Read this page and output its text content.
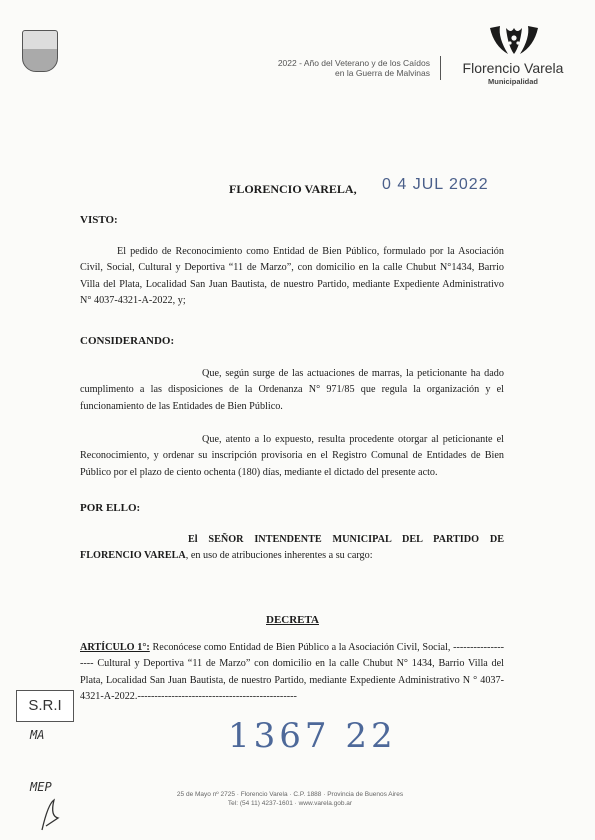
2022 - Año del Veterano y de los Caídos
en la Guerra de Malvinas	Florencio Varela
Municipalidad
FLORENCIO VARELA, 0 4 JUL 2022
VISTO:
El pedido de Reconocimiento como Entidad de Bien Público, formulado por la Asociación Civil, Social, Cultural y Deportiva “11 de Marzo”, con domicilio en la calle Chubut N°1434, Barrio Villa del Plata, Localidad San Juan Bautista, de nuestro Partido, mediante Expediente Administrativo N° 4037-4321-A-2022, y;
CONSIDERANDO:
Que, según surge de las actuaciones de marras, la peticionante ha dado cumplimento a las disposiciones de la Ordenanza N° 971/85 que regula la organización y el funcionamiento de las Entidades de Bien Público.
Que, atento a lo expuesto, resulta procedente otorgar al peticionante el Reconocimiento, y ordenar su inscripción provisoria en el Registro Comunal de Entidades de Bien Público por el plazo de ciento ochenta (180) días, mediante el dictado del presente acto.
POR ELLO:
El SEÑOR INTENDENTE MUNICIPAL DEL PARTIDO DE FLORENCIO VARELA, en uso de atribuciones inherentes a su cargo:
DECRETA
ARTÍCULO 1°: Reconócese como Entidad de Bien Público a la Asociación Civil, Social, ------------------- Cultural y Deportiva “11 de Marzo” con domicilio en la calle Chubut N° 1434, Barrio Villa del Plata, Localidad San Juan Bautista, de nuestro Partido, mediante Expediente Administrativo N ° 4037-4321-A-2022.-----------------------------------------------
S.R.I
MA
MEP
1367 22
25 de Mayo nº 2725 · Florencio Varela · C.P. 1888 · Provincia de Buenos Aires
Tel: (54 11) 4237-1601 · www.varela.gob.ar
